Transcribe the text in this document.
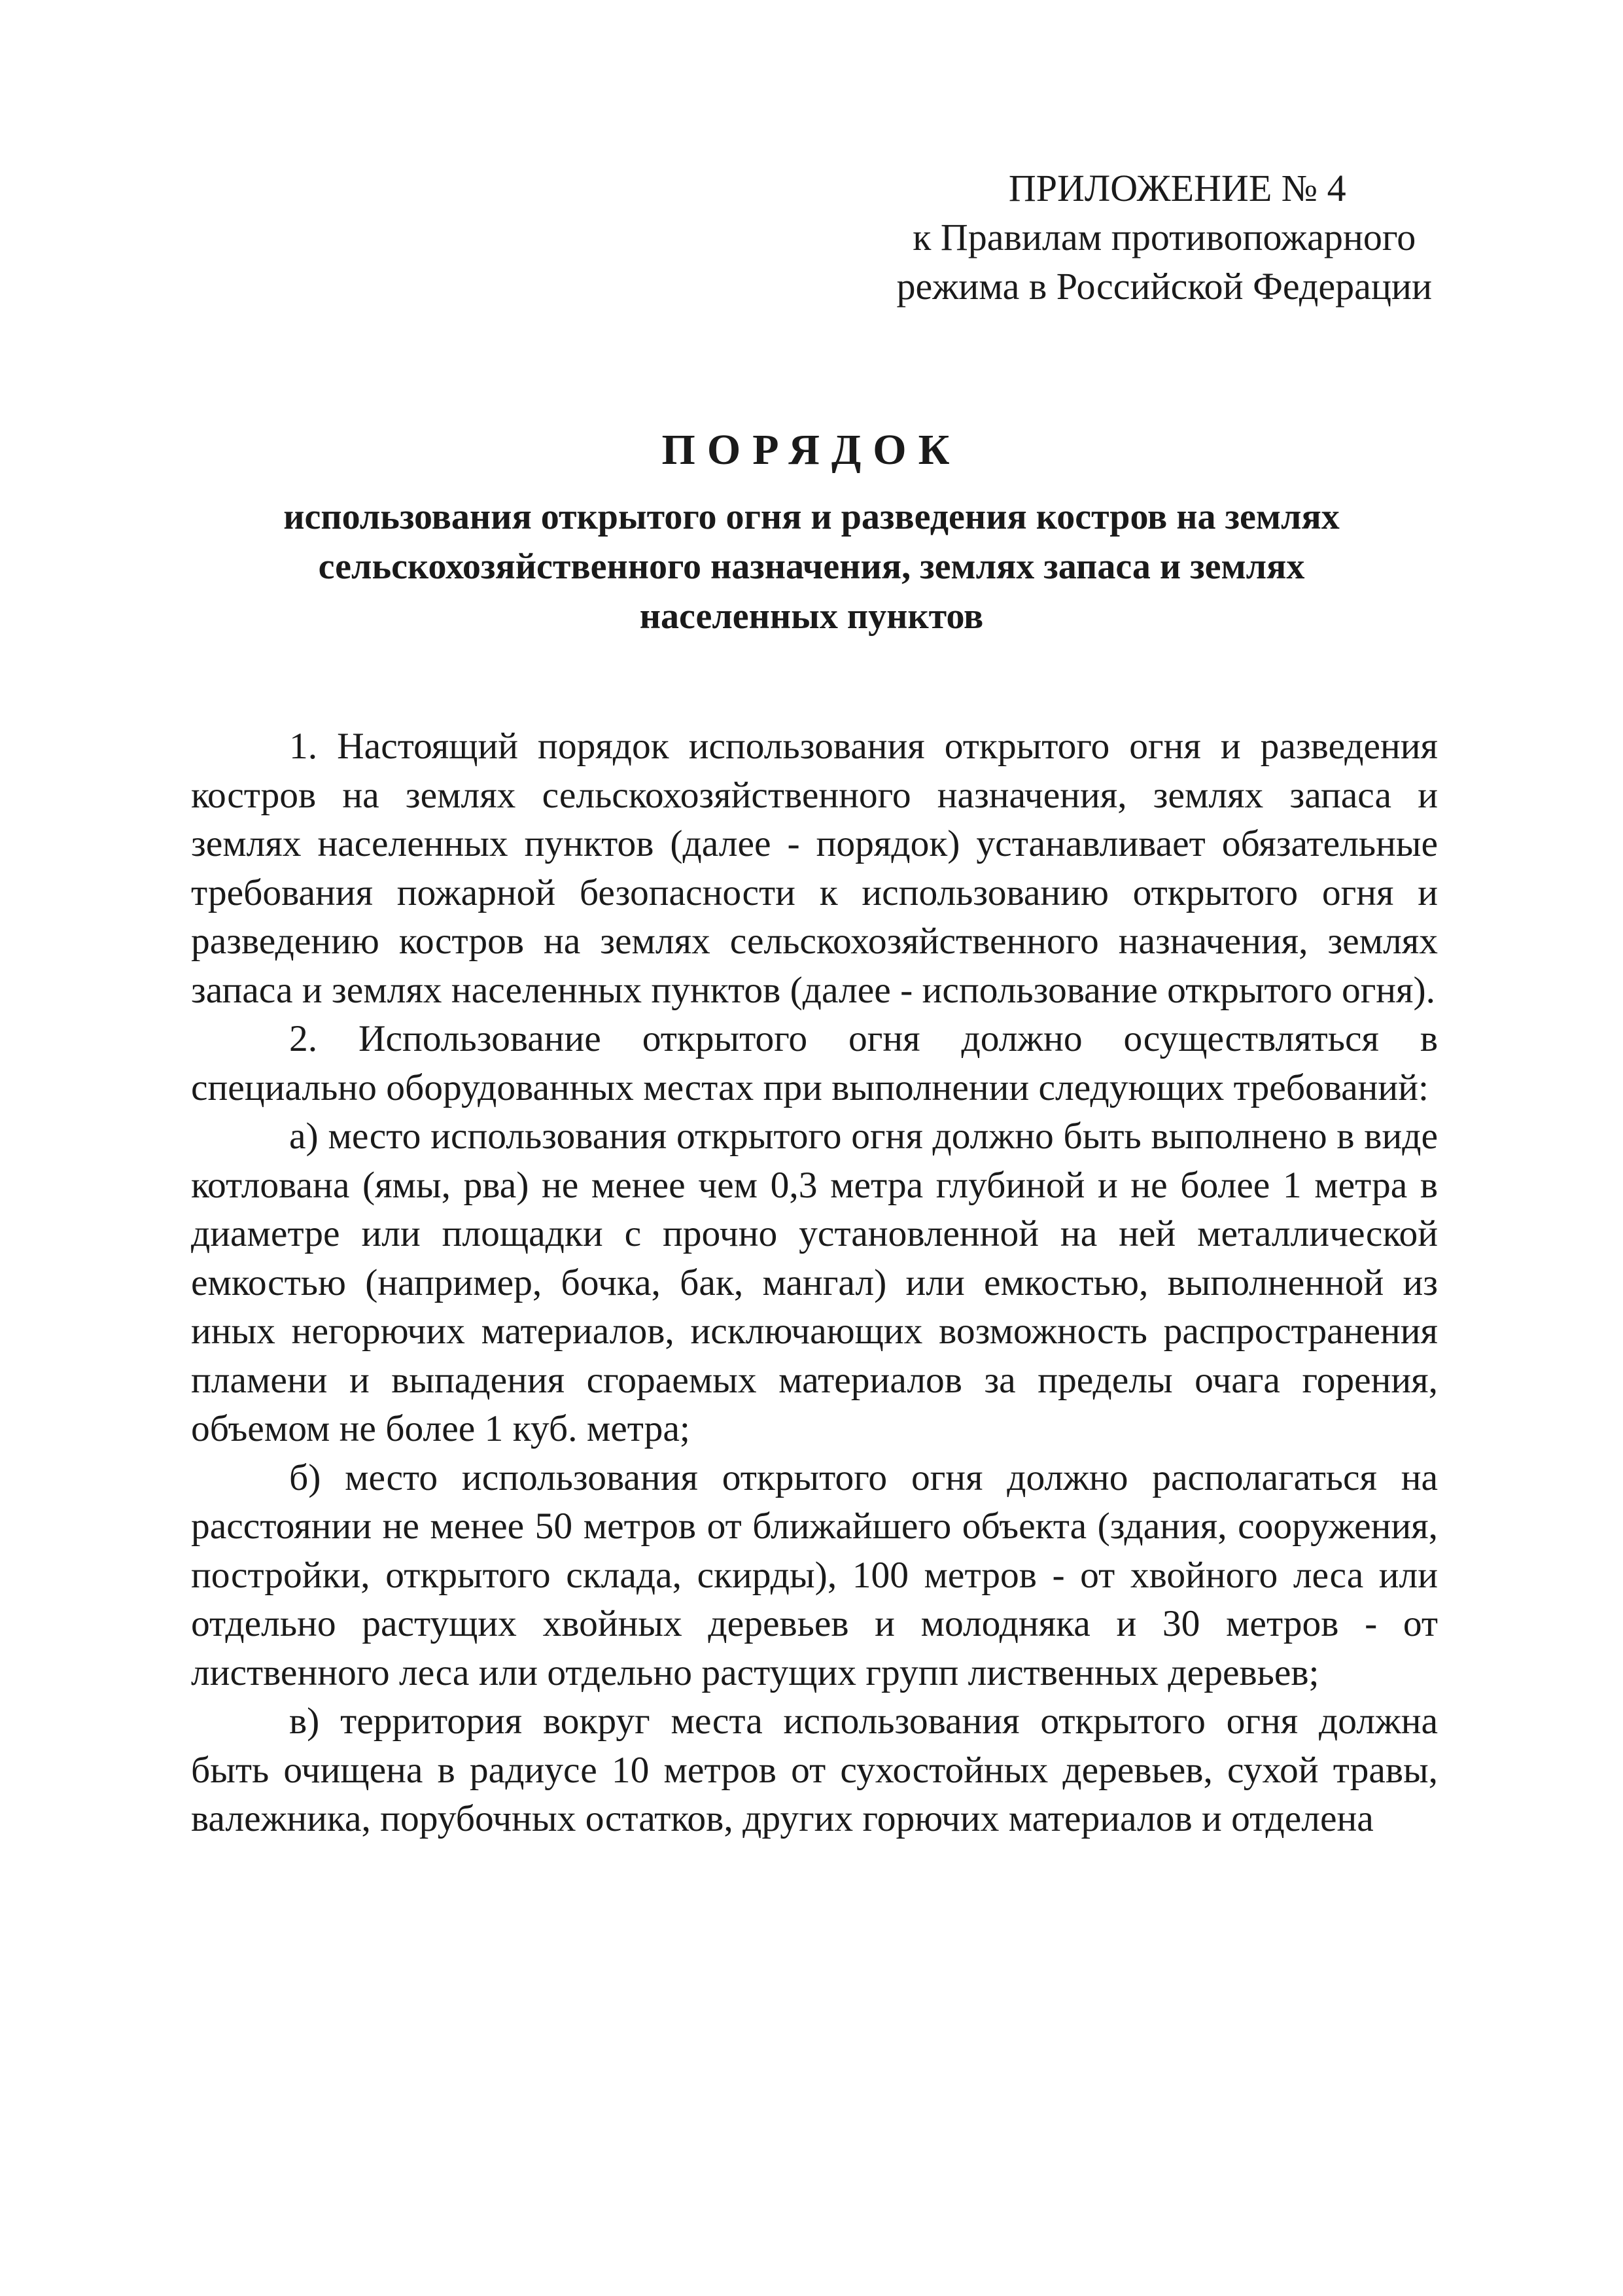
ПРИЛОЖЕНИЕ № 4
к Правилам противопожарного
режима в Российской Федерации
ПОРЯДОК
использования открытого огня и разведения костров на землях
сельскохозяйственного назначения, землях запаса и землях
населенных пунктов

1. Настоящий порядок использования открытого огня и разведения костров на землях сельскохозяйственного назначения, землях запаса и землях населенных пунктов (далее - порядок) устанавливает обязательные требования пожарной безопасности к использованию открытого огня и разведению костров на землях сельскохозяйственного назначения, землях запаса и землях населенных пунктов (далее - использование открытого огня).

2. Использование открытого огня должно осуществляться в специально оборудованных местах при выполнении следующих требований:

а) место использования открытого огня должно быть выполнено в виде котлована (ямы, рва) не менее чем 0,3 метра глубиной и не более 1 метра в диаметре или площадки с прочно установленной на ней металлической емкостью (например, бочка, бак, мангал) или емкостью, выполненной из иных негорючих материалов, исключающих возможность распространения пламени и выпадения сгораемых материалов за пределы очага горения, объемом не более 1 куб. метра;

б) место использования открытого огня должно располагаться на расстоянии не менее 50 метров от ближайшего объекта (здания, сооружения, постройки, открытого склада, скирды), 100 метров - от хвойного леса или отдельно растущих хвойных деревьев и молодняка и 30 метров - от лиственного леса или отдельно растущих групп лиственных деревьев;

в) территория вокруг места использования открытого огня должна быть очищена в радиусе 10 метров от сухостойных деревьев, сухой травы, валежника, порубочных остатков, других горючих материалов и отделена
